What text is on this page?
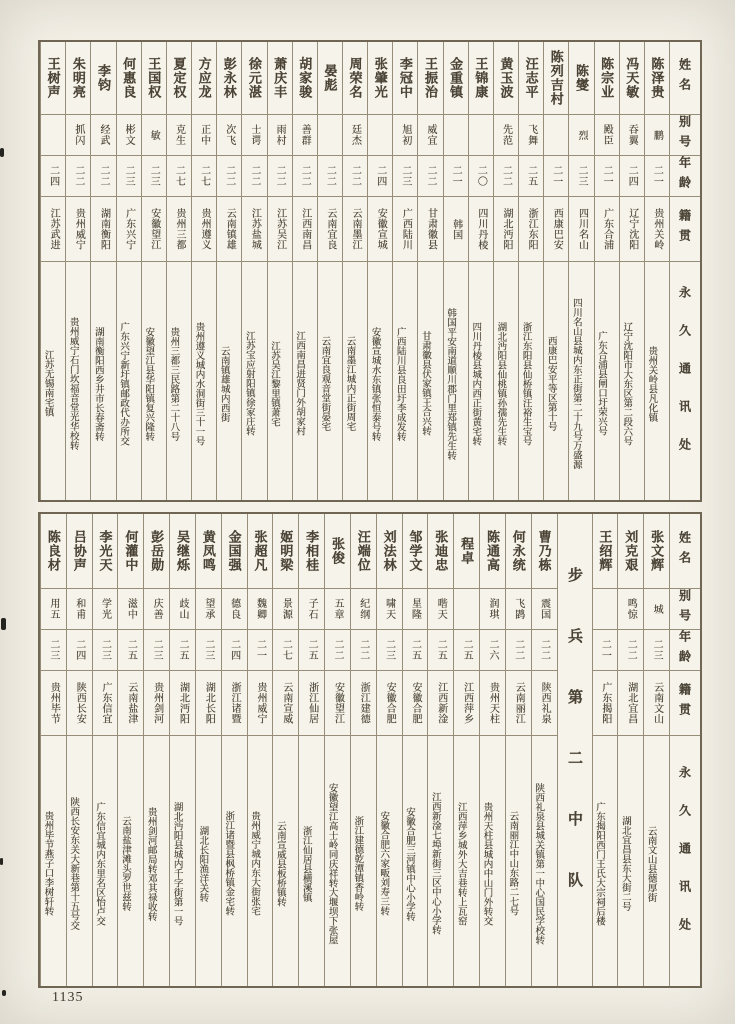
姓名
别号
年龄
籍贯
永久通讯处
陈泽贵
鹏
二一
贵州关岭
贵州关岭县凡化镇
冯天敏
吞翼
二四
辽宁沈阳
辽宁沈阳市大东区第二段六号
陈宗业
殿臣
二一
广东合浦
广东合浦县闸口圩荣兴号
陈燮
烈
二三
四川名山
四川名山县城内东正街第二十九号万盛源
陈列吉村
二一
西康巴安
西康巴安平等区第十号
汪志平
飞舞
二五
浙江东阳
浙江东阳县仙桥镇汪裕生宝号
黄玉波
先范
二二
湖北沔阳
湖北沔阳县仙桃镇孙孺先生转
王锦康
二〇
四川丹棱
四川丹棱县城内西正街黄宅转
金重镇
二一
韩国
韩国平安南道顺川郡门里郑镇先生转
王振治
威宜
二二
甘肃徽县
甘肃徽县伏家镇王合兴转
李冠中
旭初
二三
广西陆川
广西陆川县良田圩李成发转
张肇光
二四
安徽宣城
安徽宣城水东镇张恒泰号转
周荣名
廷杰
二二
云南墨江
云南墨江城内正街周宅
晏彪
二二
云南宜良
云南宜良观音堂街晏宅
胡家骏
善群
二二
江西南昌
江西南昌进贤门外胡家村
萧庆丰
雨村
二二
江苏吴江
江苏吴江黎里镇萧宅
徐元湛
士谔
二二
江苏盐城
江苏宝应射阳镇徐家庄转
彭永林
次飞
二二
云南镇雄
云南镇雄城内西街
方应龙
正中
二七
贵州遵义
贵州遵义城内水洞街三十一号
夏定权
克生
二七
贵州三都
贵州三都三民路第二十八号
王国权
敏
二三
安徽望江
安徽望江县华阳镇复兴隆转
何惠良
彬文
二三
广东兴宁
广东兴宁新圩镇邮政代办所交
李钧
经武
二二
湖南衡阳
湖南衡阳西乡井市长春斋转
朱明亮
抓闪
二二
贵州威宁
贵州威宁石门坎福音堂光华校转
王树声
二四
江苏武进
江苏无锡南宅镇
姓名
别号
年龄
籍贯
永久通讯处
张文辉
城
二三
云南文山
云南文山县德厚街
刘克艰
鸣惊
二二
湖北宜昌
湖北宜昌县东大街二号
王绍辉
二一
广东揭阳
广东揭阳西门王氏大宗祠后楼
步兵第二中队
曹乃栋
震国
二二
陕西礼泉
陕西礼泉县城关镇第一中心国民学校转
何永统
飞鹍
二二
云南丽江
云南丽江中山东路二七号
陈通高
润琪
二六
贵州天柱
贵州天柱县城内中山门外转交
程卓
二五
江西萍乡
江西萍乡城外大吉巷转上瓦窑
张迪忠
喈天
二五
江西新淦
江西新淦七埠新街三区中心小学转
邹学文
星隆
二五
安徽合肥
安徽合肥三河镇中心小学转
刘法林
啸天
二三
安徽合肥
安徽合肥六家畈刘寿三转
汪端位
纪纲
二二
浙江建德
浙江建德乾潭镇香岭转
张俊
五章
二二
安徽望江
安徽望江高士岭同庆祥转大堰坝下张屋
李相桂
子石
二五
浙江仙居
浙江仙居县横溪镇
姬明梁
景源
二七
云南宣威
云南宣威县板桥镇转
张超凡
魏卿
二一
贵州威宁
贵州威宁城内东大街张宅
金国强
德良
二四
浙江诸暨
浙江诸暨县枫桥镇金宅转
黄凤鸣
望承
二三
湖北长阳
湖北长阳渔洋关转
吴继烁
歧山
二五
湖北沔阳
湖北沔阳县城内千字街第一号
彭岳勋
庆善
二三
贵州剑河
贵州剑河邮局转邓其禄收转
何灌中
滋中
二五
云南盐津
云南盐津滩头罗世兹转
李光天
学光
二三
广东信宜
广东信宜城内东里名区怡卢交
吕协声
和甫
二四
陕西长安
陕西长安东关大新巷第十五号交
陈良材
用五
二三
贵州毕节
贵州毕节燕子口李树轩转
1135
